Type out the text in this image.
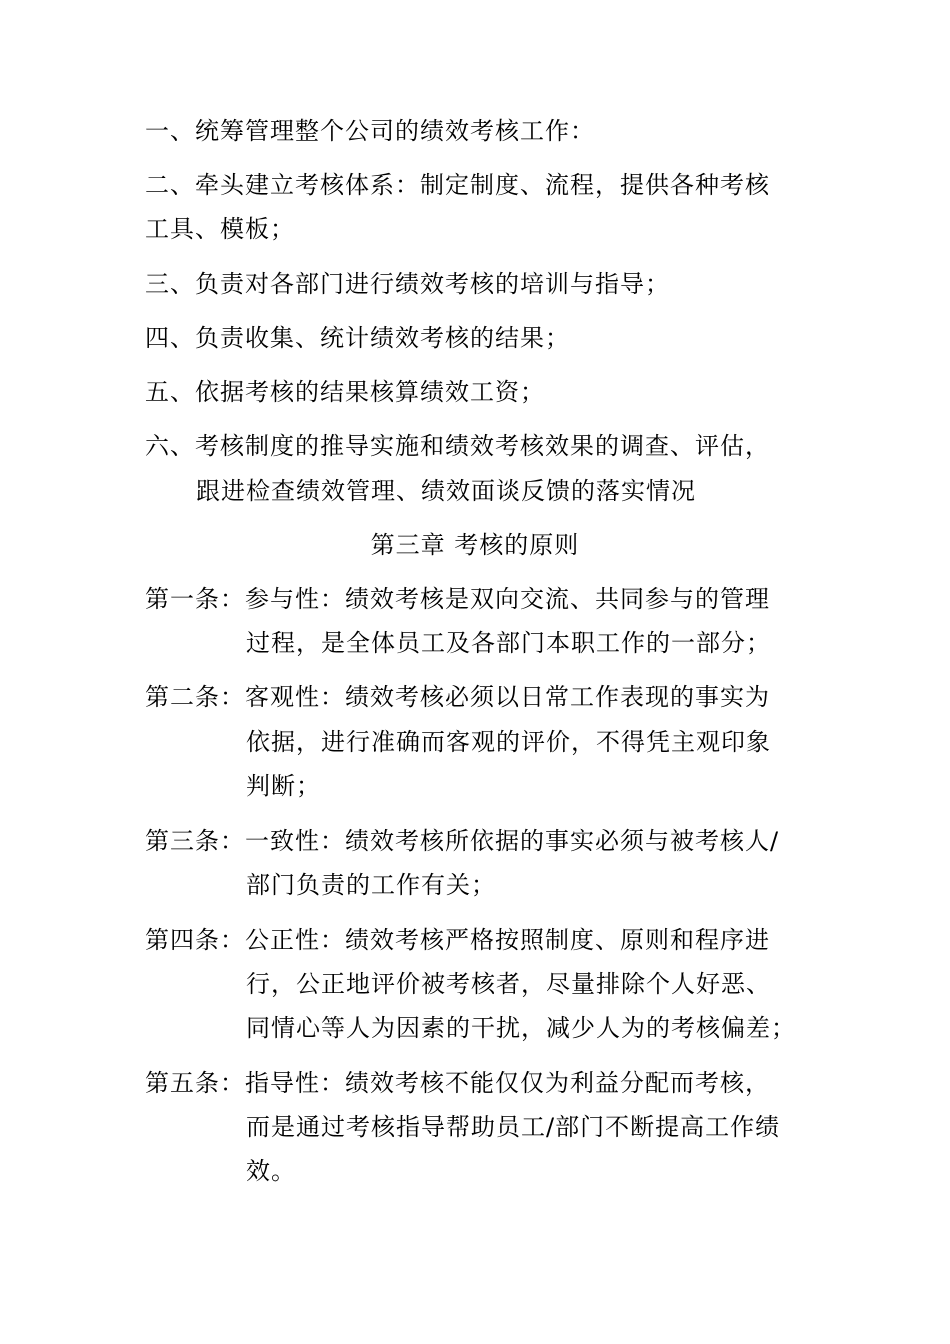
一、统筹管理整个公司的绩效考核工作：
二、牵头建立考核体系：制定制度、流程，提供各种考核
工具、模板；
三、负责对各部门进行绩效考核的培训与指导；
四、负责收集、统计绩效考核的结果；
五、依据考核的结果核算绩效工资；
六、考核制度的推导实施和绩效考核效果的调查、评估，
跟进检查绩效管理、绩效面谈反馈的落实情况
第三章 考核的原则
第一条：参与性：绩效考核是双向交流、共同参与的管理
过程，是全体员工及各部门本职工作的一部分；
第二条：客观性：绩效考核必须以日常工作表现的事实为
依据，进行准确而客观的评价，不得凭主观印象
判断；
第三条：一致性：绩效考核所依据的事实必须与被考核人/
部门负责的工作有关；
第四条：公正性：绩效考核严格按照制度、原则和程序进
行，公正地评价被考核者，尽量排除个人好恶、
同情心等人为因素的干扰，减少人为的考核偏差；
第五条：指导性：绩效考核不能仅仅为利益分配而考核，
而是通过考核指导帮助员工/部门不断提高工作绩
效。
